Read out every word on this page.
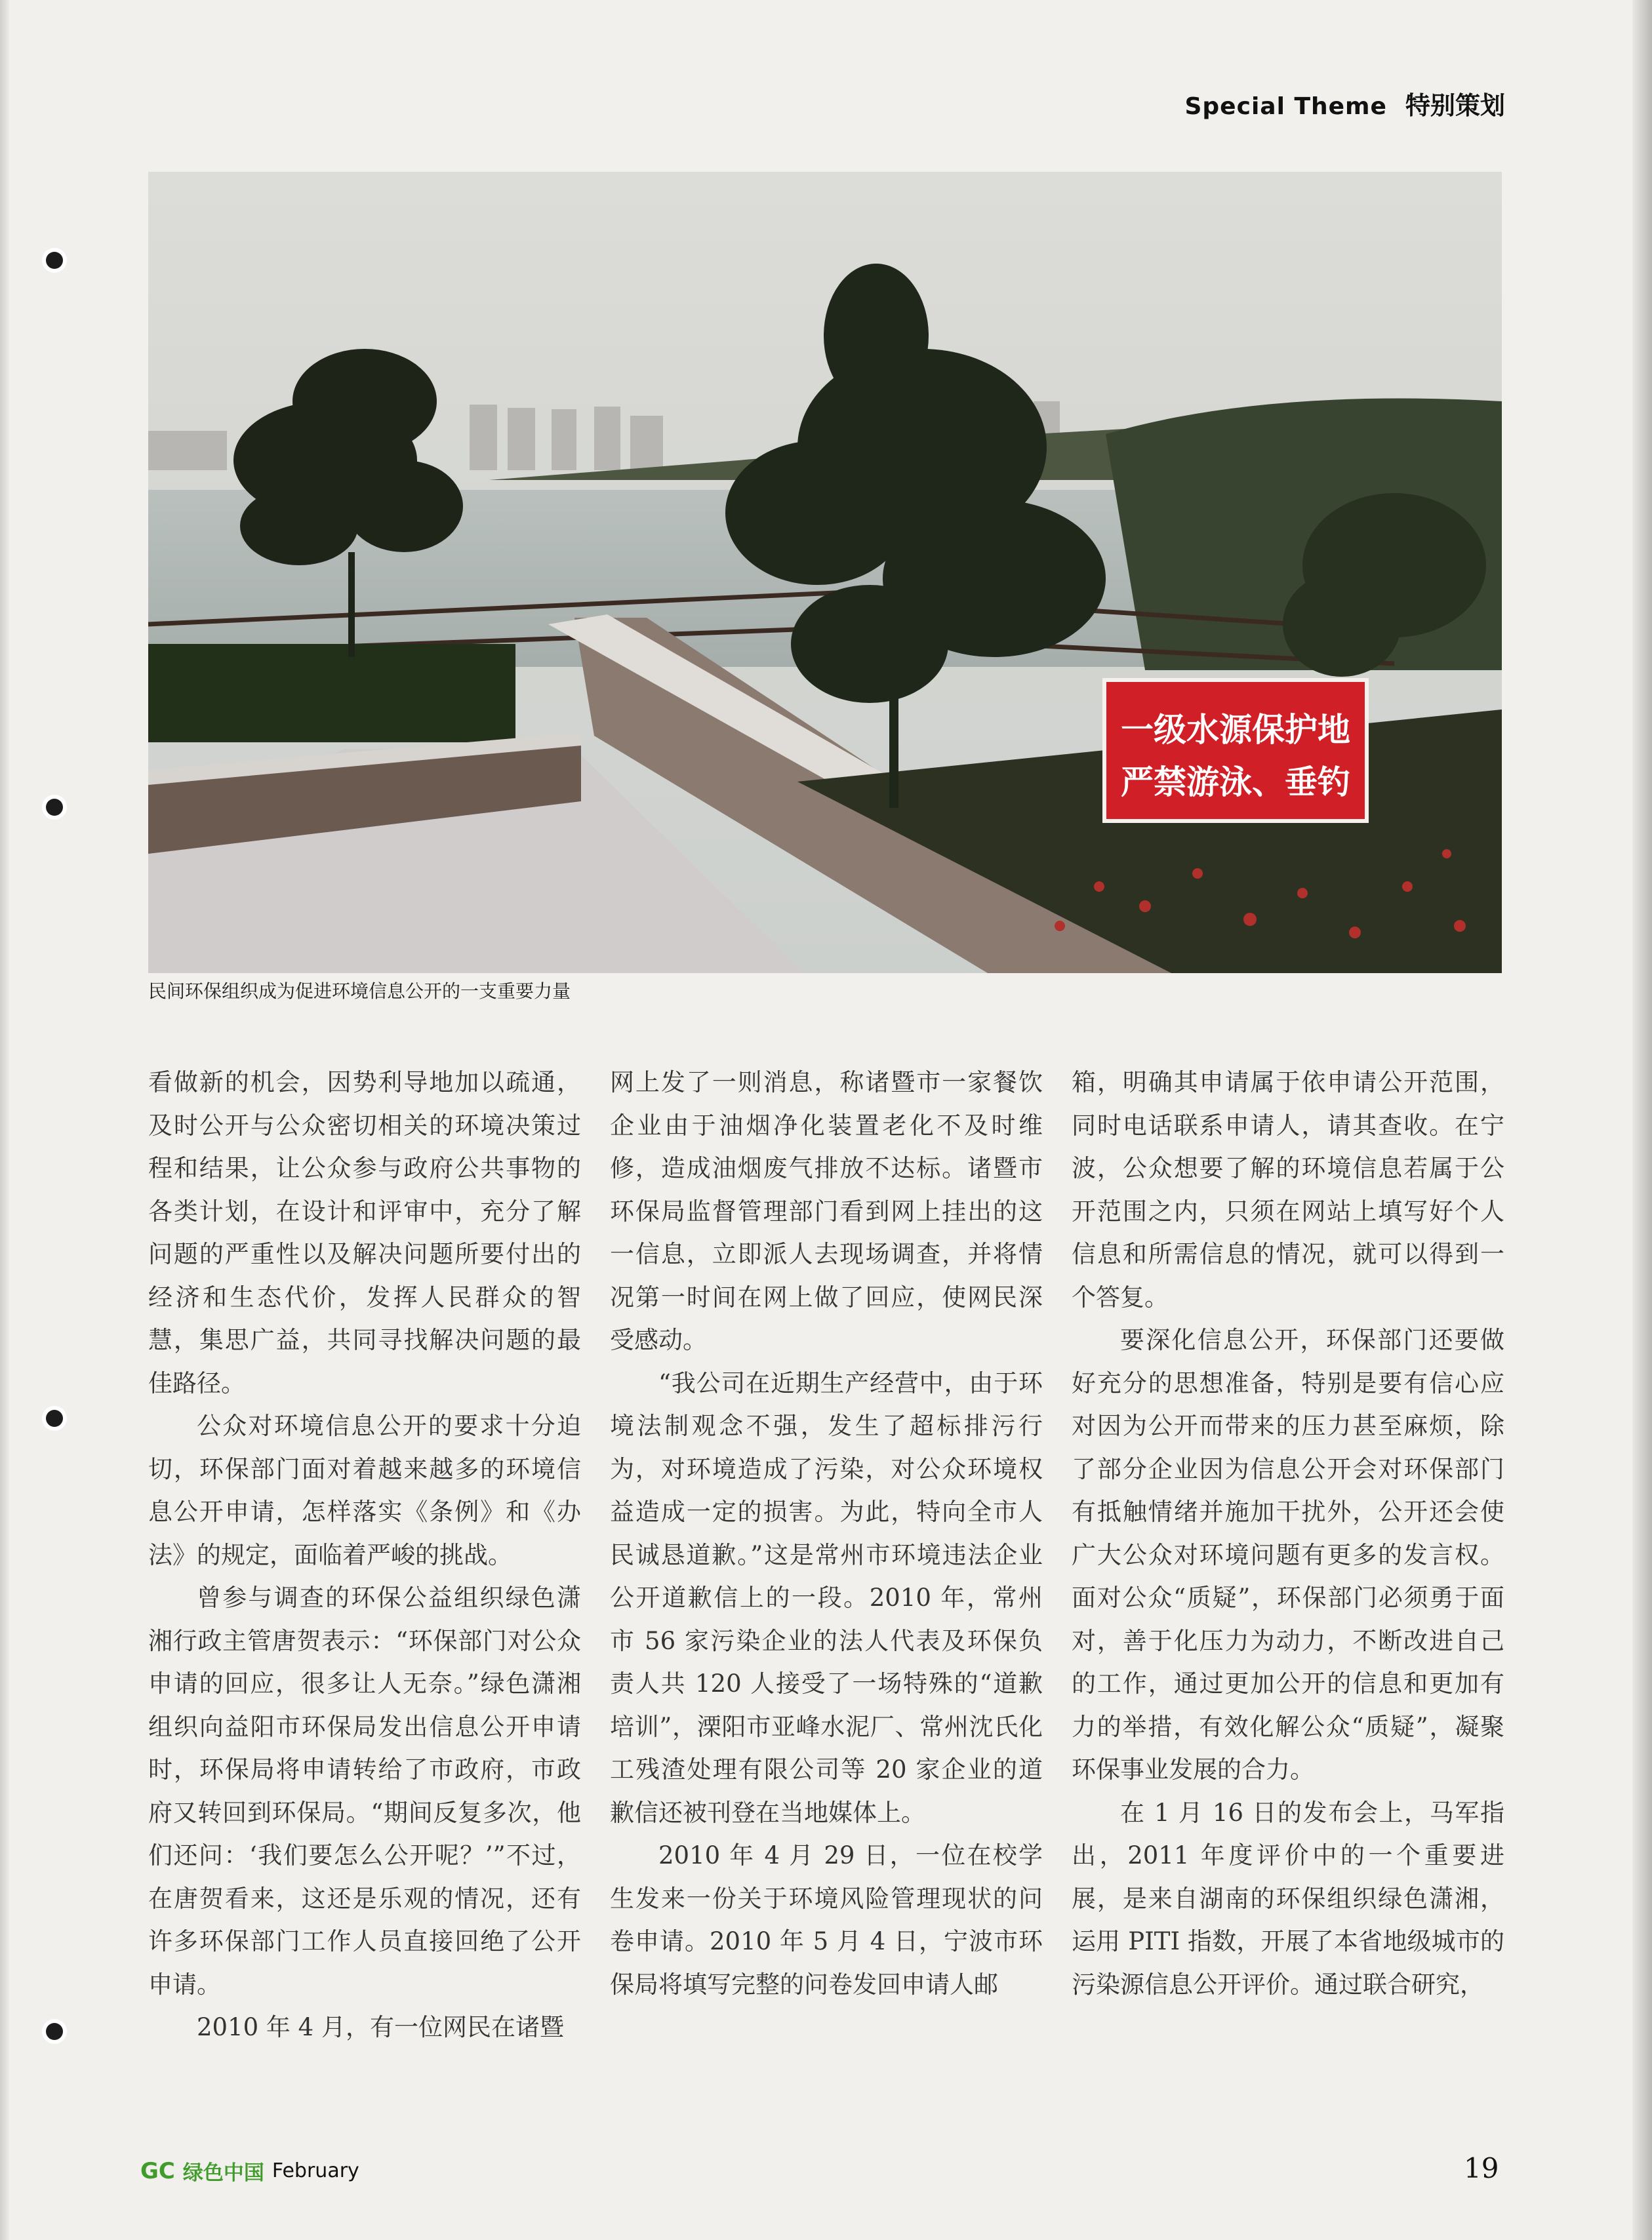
Special Theme 特别策划
一级水源保护地
严禁游泳、垂钓
民间环保组织成为促进环境信息公开的一支重要力量

看做新的机会，因势利导地加以疏通，及时公开与公众密切相关的环境决策过程和结果，让公众参与政府公共事物的各类计划，在设计和评审中，充分了解问题的严重性以及解决问题所要付出的经济和生态代价，发挥人民群众的智慧，集思广益，共同寻找解决问题的最佳路径。

公众对环境信息公开的要求十分迫切，环保部门面对着越来越多的环境信息公开申请，怎样落实《条例》和《办法》的规定，面临着严峻的挑战。

曾参与调查的环保公益组织绿色潇湘行政主管唐贺表示：“环保部门对公众申请的回应，很多让人无奈。”绿色潇湘组织向益阳市环保局发出信息公开申请时，环保局将申请转给了市政府，市政府又转回到环保局。“期间反复多次，他们还问：‘我们要怎么公开呢？’”不过，在唐贺看来，这还是乐观的情况，还有许多环保部门工作人员直接回绝了公开申请。

2010 年 4 月，有一位网民在诸暨

网上发了一则消息，称诸暨市一家餐饮企业由于油烟净化装置老化不及时维修，造成油烟废气排放不达标。诸暨市环保局监督管理部门看到网上挂出的这一信息，立即派人去现场调查，并将情况第一时间在网上做了回应，使网民深受感动。

“我公司在近期生产经营中，由于环境法制观念不强，发生了超标排污行为，对环境造成了污染，对公众环境权益造成一定的损害。为此，特向全市人民诚恳道歉。”这是常州市环境违法企业公开道歉信上的一段。2010 年，常州市 56 家污染企业的法人代表及环保负责人共 120 人接受了一场特殊的“道歉培训”，溧阳市亚峰水泥厂、常州沈氏化工残渣处理有限公司等 20 家企业的道歉信还被刊登在当地媒体上。

2010 年 4 月 29 日，一位在校学生发来一份关于环境风险管理现状的问卷申请。2010 年 5 月 4 日，宁波市环保局将填写完整的问卷发回申请人邮

箱，明确其申请属于依申请公开范围，同时电话联系申请人，请其查收。在宁波，公众想要了解的环境信息若属于公开范围之内，只须在网站上填写好个人信息和所需信息的情况，就可以得到一个答复。

要深化信息公开，环保部门还要做好充分的思想准备，特别是要有信心应对因为公开而带来的压力甚至麻烦，除了部分企业因为信息公开会对环保部门有抵触情绪并施加干扰外，公开还会使广大公众对环境问题有更多的发言权。面对公众“质疑”，环保部门必须勇于面对，善于化压力为动力，不断改进自己的工作，通过更加公开的信息和更加有力的举措，有效化解公众“质疑”，凝聚环保事业发展的合力。

在 1 月 16 日的发布会上，马军指出，2011 年度评价中的一个重要进展，是来自湖南的环保组织绿色潇湘，运用 PITI 指数，开展了本省地级城市的污染源信息公开评价。通过联合研究，

GC 绿色中国 February	19
